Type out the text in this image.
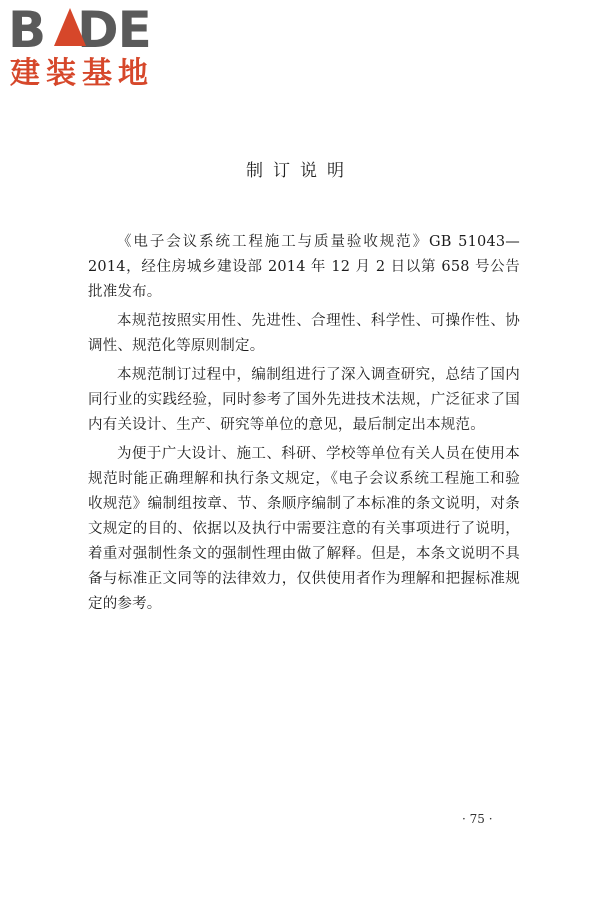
B DE
建装基地
制订说明

《电子会议系统工程施工与质量验收规范》GB 51043—2014，经住房城乡建设部 2014 年 12 月 2 日以第 658 号公告批准发布。

本规范按照实用性、先进性、合理性、科学性、可操作性、协调性、规范化等原则制定。

本规范制订过程中，编制组进行了深入调查研究，总结了国内同行业的实践经验，同时参考了国外先进技术法规，广泛征求了国内有关设计、生产、研究等单位的意见，最后制定出本规范。

为便于广大设计、施工、科研、学校等单位有关人员在使用本规范时能正确理解和执行条文规定，《电子会议系统工程施工和验收规范》编制组按章、节、条顺序编制了本标准的条文说明，对条文规定的目的、依据以及执行中需要注意的有关事项进行了说明，着重对强制性条文的强制性理由做了解释。但是，本条文说明不具备与标准正文同等的法律效力，仅供使用者作为理解和把握标准规定的参考。

· 75 ·
